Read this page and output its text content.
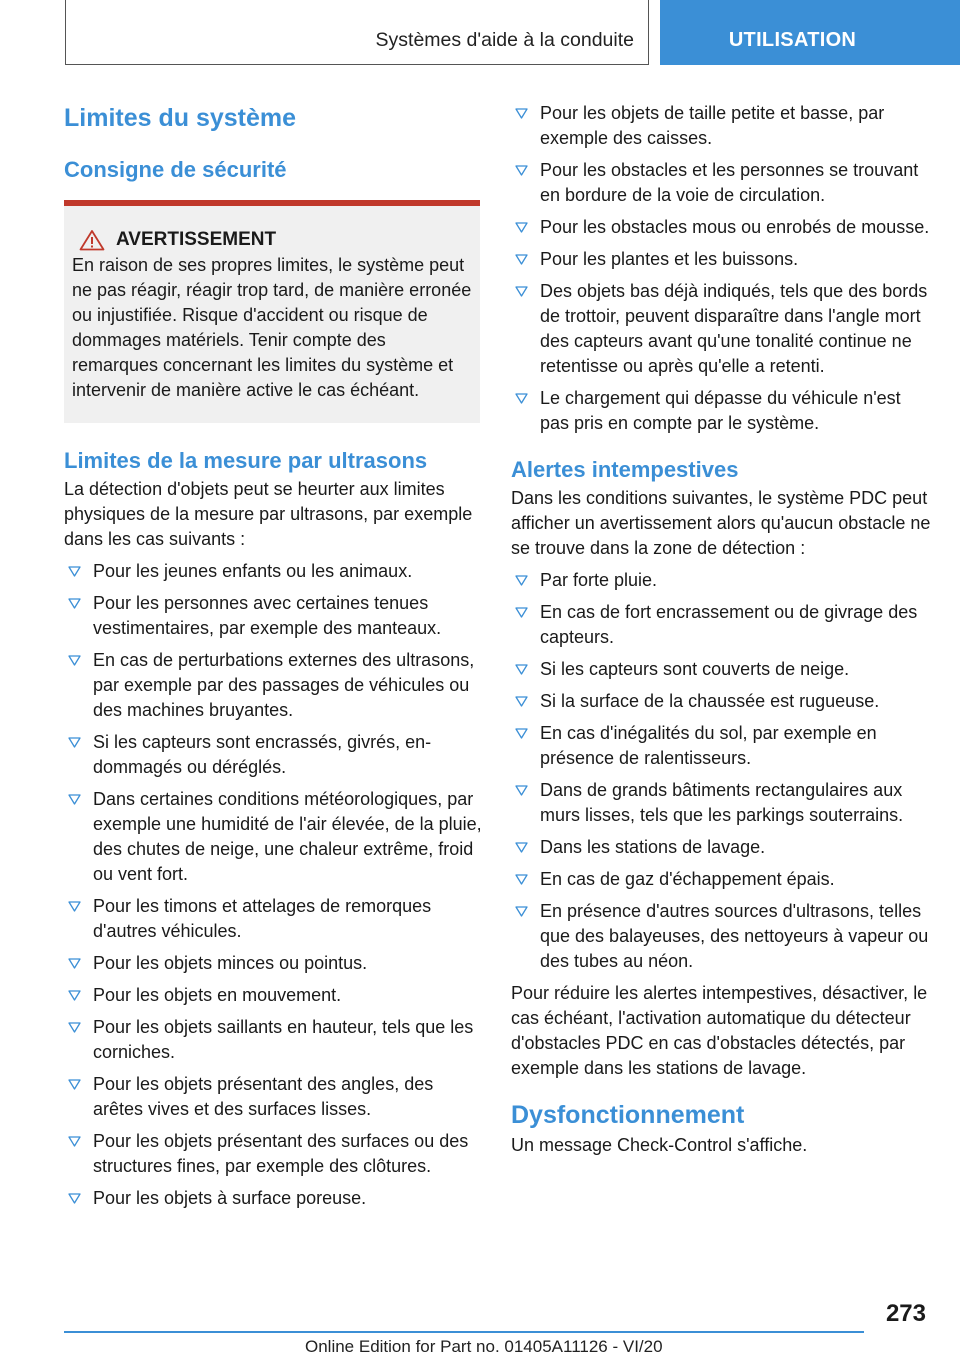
Systèmes d'aide à la conduite	UTILISATION
Limites du système
Consigne de sécurité
AVERTISSEMENT

En raison de ses propres limites, le système peut ne pas réagir, réagir trop tard, de manière erronée ou injustifiée. Risque d'accident ou risque de dommages matériels. Tenir compte des remarques concernant les limites du système et intervenir de manière active le cas échéant.

Limites de la mesure par ultrasons

La détection d'objets peut se heurter aux limites physiques de la mesure par ultrasons, par exemple dans les cas suivants :

Pour les jeunes enfants ou les animaux.
Pour les personnes avec certaines tenues vestimentaires, par exemple des manteaux.
En cas de perturbations externes des ultrasons, par exemple par des passages de véhicules ou des machines bruyantes.
Si les capteurs sont encrassés, givrés, endommagés ou déréglés.
Dans certaines conditions météorologiques, par exemple une humidité de l'air élevée, de la pluie, des chutes de neige, une chaleur extrême, froid ou vent fort.
Pour les timons et attelages de remorques d'autres véhicules.
Pour les objets minces ou pointus.
Pour les objets en mouvement.
Pour les objets saillants en hauteur, tels que les corniches.
Pour les objets présentant des angles, des arêtes vives et des surfaces lisses.
Pour les objets présentant des surfaces ou des structures fines, par exemple des clôtures.
Pour les objets à surface poreuse.
Pour les objets de taille petite et basse, par exemple des caisses.
Pour les obstacles et les personnes se trouvant en bordure de la voie de circulation.
Pour les obstacles mous ou enrobés de mousse.
Pour les plantes et les buissons.
Des objets bas déjà indiqués, tels que des bords de trottoir, peuvent disparaître dans l'angle mort des capteurs avant qu'une tonalité continue ne retentisse ou après qu'elle a retenti.
Le chargement qui dépasse du véhicule n'est pas pris en compte par le système.
Alertes intempestives

Dans les conditions suivantes, le système PDC peut afficher un avertissement alors qu'aucun obstacle ne se trouve dans la zone de détection :

Par forte pluie.
En cas de fort encrassement ou de givrage des capteurs.
Si les capteurs sont couverts de neige.
Si la surface de la chaussée est rugueuse.
En cas d'inégalités du sol, par exemple en présence de ralentisseurs.
Dans de grands bâtiments rectangulaires aux murs lisses, tels que les parkings souterrains.
Dans les stations de lavage.
En cas de gaz d'échappement épais.
En présence d'autres sources d'ultrasons, telles que des balayeuses, des nettoyeurs à vapeur ou des tubes au néon.

Pour réduire les alertes intempestives, désactiver, le cas échéant, l'activation automatique du détecteur d'obstacles PDC en cas d'obstacles détectés, par exemple dans les stations de lavage.

Dysfonctionnement

Un message Check-Control s'affiche.

273
Online Edition for Part no. 01405A11126 - VI/20
